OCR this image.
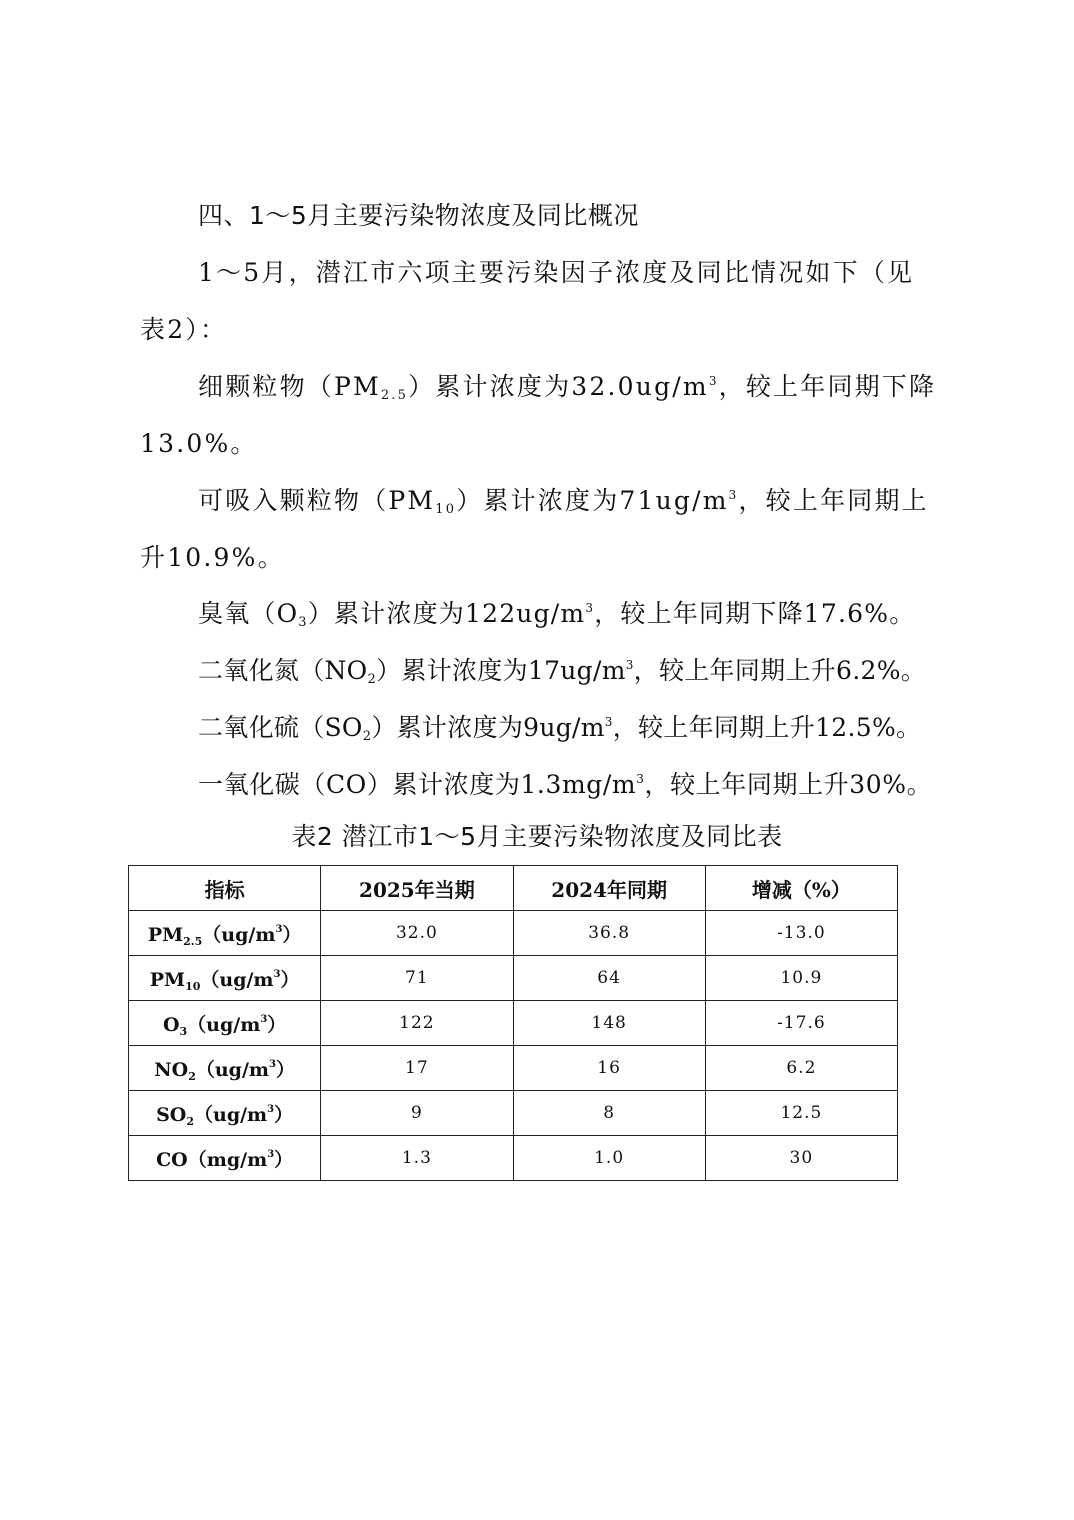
四、1～5月主要污染物浓度及同比概况
1～5月，潜江市六项主要污染因子浓度及同比情况如下（见表2）：
细颗粒物$(PM_{2.5})$累计浓度为$32.0ug/m^3$，较上年同期下降13.0%。
可吸入颗粒物$(PM_{10})$累计浓度为$71ug/m^3$，较上年同期上升10.9%。
臭氧$(O_3)$累计浓度为$122ug/m^3$，较上年同期下降17.6%。
二氧化氮$(NO_2)$累计浓度为$17ug/m^3$，较上年同期上升6.2%。
二氧化硫$(SO_2)$累计浓度为$9ug/m^3$，较上年同期上升12.5%。
一氧化碳（CO）累计浓度为$1.3mg/m^3$，较上年同期上升30%。
表2 潜江市1～5月主要污染物浓度及同比表
指标	2025年当期	2024年同期	增减（%）
$PM_{2.5}(ug/m^3)$	32.0	36.8	-13.0
$PM_{10}(ug/m^3)$	71	64	10.9
$O_3(ug/m^3)$	122	148	-17.6
$NO_2(ug/m^3)$	17	16	6.2
$SO_2(ug/m^3)$	9	8	12.5
$CO(mg/m^3)$	1.3	1.0	30
